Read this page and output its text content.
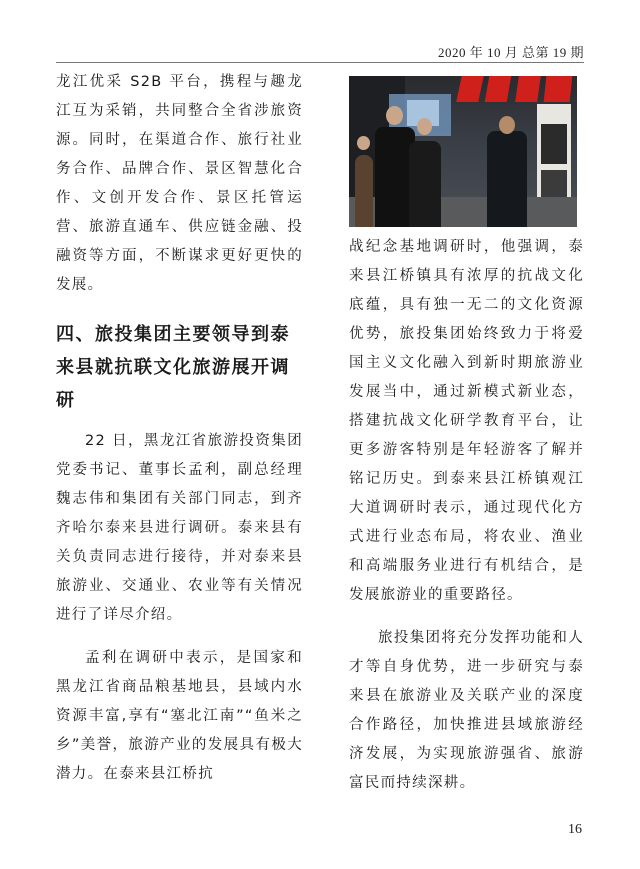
2020 年 10 月 总第 19 期

龙江优采 S2B 平台，携程与趣龙江互为采销，共同整合全省涉旅资源。同时，在渠道合作、旅行社业务合作、品牌合作、景区智慧化合作、文创开发合作、景区托管运营、旅游直通车、供应链金融、投融资等方面，不断谋求更好更快的发展。

四、旅投集团主要领导到泰来县就抗联文化旅游展开调研

22 日，黑龙江省旅游投资集团党委书记、董事长孟利，副总经理魏志伟和集团有关部门同志，到齐齐哈尔泰来县进行调研。泰来县有关负责同志进行接待，并对泰来县旅游业、交通业、农业等有关情况进行了详尽介绍。

孟利在调研中表示，是国家和黑龙江省商品粮基地县，县域内水资源丰富,享有“塞北江南”“鱼米之乡”美誉，旅游产业的发展具有极大潜力。在泰来县江桥抗

战纪念基地调研时，他强调，泰来县江桥镇具有浓厚的抗战文化底蕴，具有独一无二的文化资源优势，旅投集团始终致力于将爱国主义文化融入到新时期旅游业发展当中，通过新模式新业态，搭建抗战文化研学教育平台，让更多游客特别是年轻游客了解并铭记历史。到泰来县江桥镇观江大道调研时表示，通过现代化方式进行业态布局，将农业、渔业和高端服务业进行有机结合，是发展旅游业的重要路径。

旅投集团将充分发挥功能和人才等自身优势，进一步研究与泰来县在旅游业及关联产业的深度合作路径，加快推进县域旅游经济发展，为实现旅游强省、旅游富民而持续深耕。

16
